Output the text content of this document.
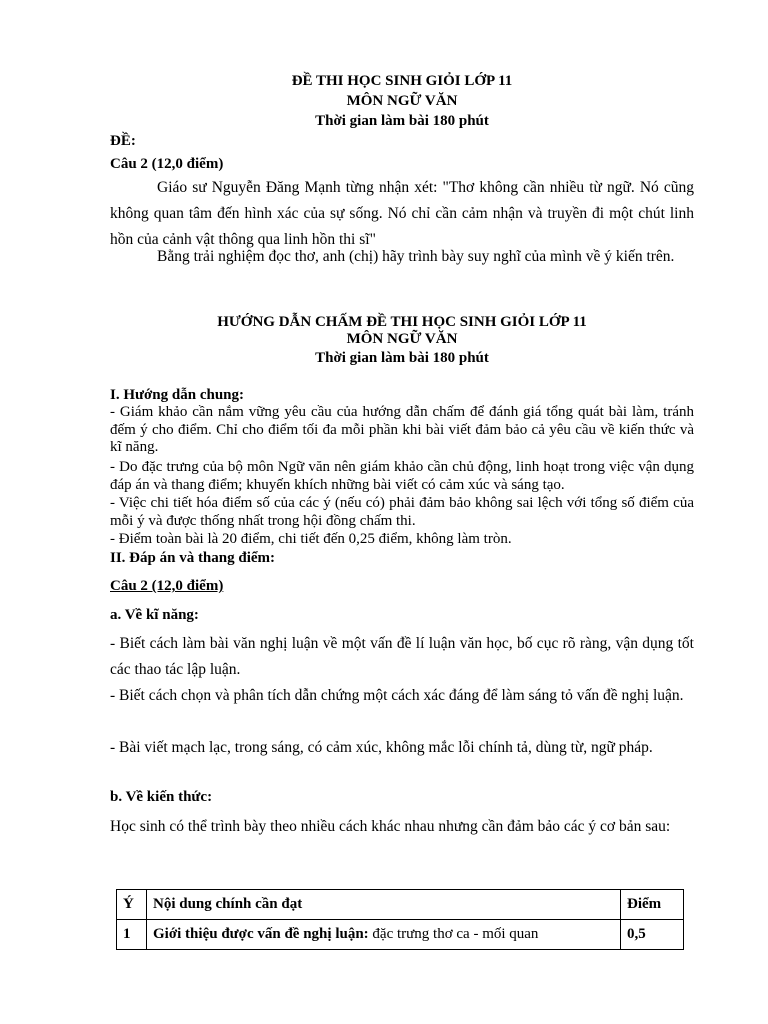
ĐỀ THI HỌC SINH GIỎI LỚP 11
MÔN NGỮ VĂN
Thời gian làm bài 180 phút
ĐỀ:
Câu 2 (12,0 điểm)
Giáo sư Nguyễn Đăng Mạnh từng nhận xét: "Thơ không cần nhiều từ ngữ. Nó cũng không quan tâm đến hình xác của sự sống. Nó chỉ cần cảm nhận và truyền đi một chút linh hồn của cảnh vật thông qua linh hồn thi sĩ"
Bằng trải nghiệm đọc thơ, anh (chị) hãy trình bày suy nghĩ của mình về ý kiến trên.
HƯỚNG DẪN CHẤM ĐỀ THI HỌC SINH GIỎI LỚP 11
MÔN NGỮ VĂN
Thời gian làm bài 180 phút
I. Hướng dẫn chung:
- Giám khảo cần nắm vững yêu cầu của hướng dẫn chấm để đánh giá tổng quát bài làm, tránh đếm ý cho điểm. Chỉ cho điểm tối đa mỗi phần khi bài viết đảm bảo cả yêu cầu về kiến thức và kĩ năng.
- Do đặc trưng của bộ môn Ngữ văn nên giám khảo cần chủ động, linh hoạt trong việc vận dụng đáp án và thang điểm; khuyến khích những bài viết có cảm xúc và sáng tạo.
- Việc chi tiết hóa điểm số của các ý (nếu có) phải đảm bảo không sai lệch với tổng số điểm của mỗi ý và được thống nhất trong hội đồng chấm thi.
- Điểm toàn bài là 20 điểm, chi tiết đến 0,25 điểm, không làm tròn.
II. Đáp án và thang điểm:
Câu 2 (12,0 điểm)
a. Về kĩ năng:
- Biết cách làm bài văn nghị luận về một vấn đề lí luận văn học, bố cục rõ ràng, vận dụng tốt các thao tác lập luận.
- Biết cách chọn và phân tích dẫn chứng một cách xác đáng để làm sáng tỏ vấn đề nghị luận.
- Bài viết mạch lạc, trong sáng, có cảm xúc, không mắc lỗi chính tả, dùng từ, ngữ pháp.
b. Về kiến thức:
Học sinh có thể trình bày theo nhiều cách khác nhau nhưng cần đảm bảo các ý cơ bản sau:
Ý	Nội dung chính cần đạt	Điểm
1	Giới thiệu được vấn đề nghị luận: đặc trưng thơ ca - mối quan	0,5
